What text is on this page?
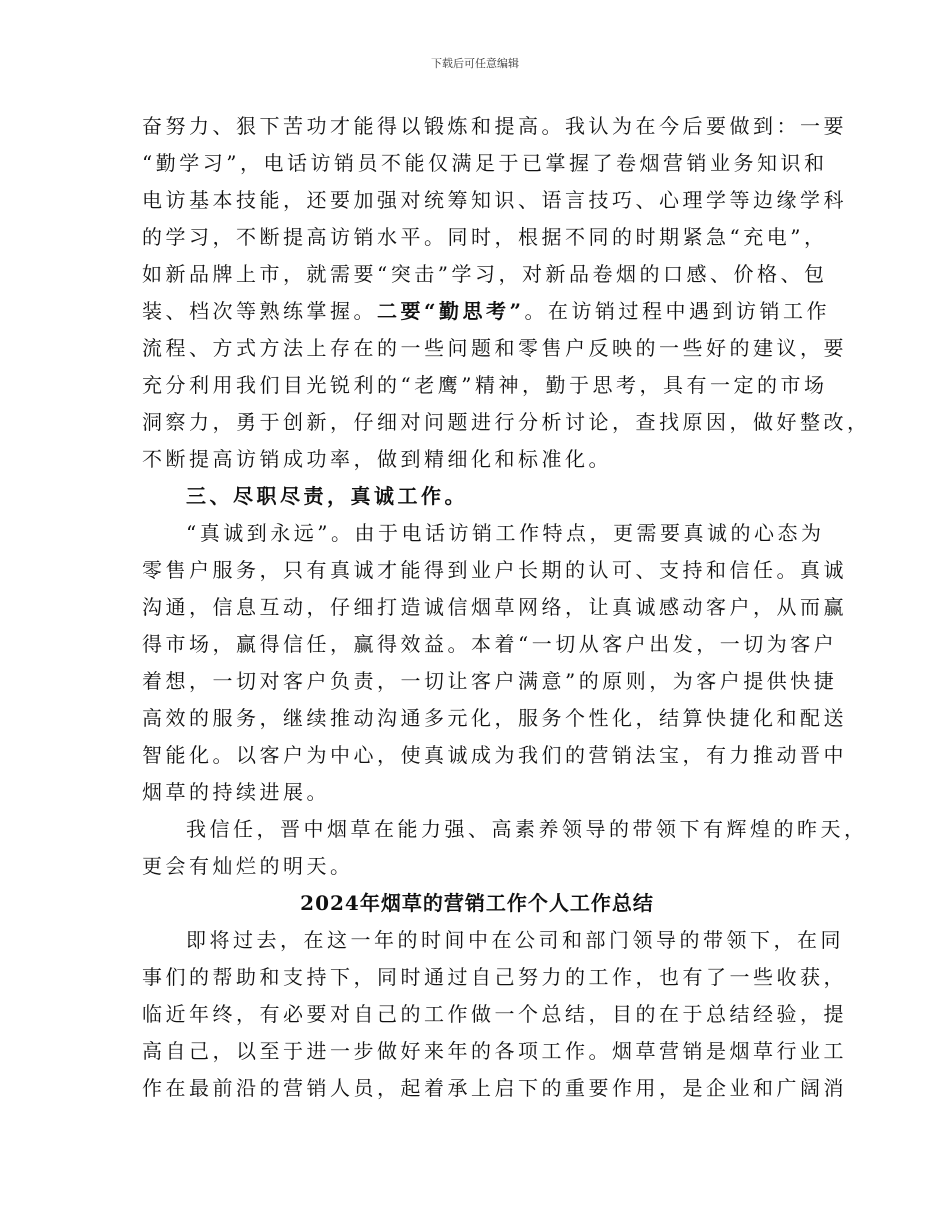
下载后可任意编辑
奋努力、狠下苦功才能得以锻炼和提高。我认为在今后要做到：一要
“勤学习”，电话访销员不能仅满足于已掌握了卷烟营销业务知识和
电访基本技能，还要加强对统筹知识、语言技巧、心理学等边缘学科
的学习，不断提高访销水平。同时，根据不同的时期紧急“充电”，
如新品牌上市，就需要“突击”学习，对新品卷烟的口感、价格、包
装、档次等熟练掌握。二要“勤思考”。在访销过程中遇到访销工作
流程、方式方法上存在的一些问题和零售户反映的一些好的建议，要
充分利用我们目光锐利的“老鹰”精神，勤于思考，具有一定的市场
洞察力，勇于创新，仔细对问题进行分析讨论，查找原因，做好整改，
不断提高访销成功率，做到精细化和标准化。
三、尽职尽责，真诚工作。
“真诚到永远”。由于电话访销工作特点，更需要真诚的心态为
零售户服务，只有真诚才能得到业户长期的认可、支持和信任。真诚
沟通，信息互动，仔细打造诚信烟草网络，让真诚感动客户，从而赢
得市场，赢得信任，赢得效益。本着“一切从客户出发，一切为客户
着想，一切对客户负责，一切让客户满意”的原则，为客户提供快捷
高效的服务，继续推动沟通多元化，服务个性化，结算快捷化和配送
智能化。以客户为中心，使真诚成为我们的营销法宝，有力推动晋中
烟草的持续进展。
我信任，晋中烟草在能力强、高素养领导的带领下有辉煌的昨天，
更会有灿烂的明天。
2024年烟草的营销工作个人工作总结
即将过去，在这一年的时间中在公司和部门领导的带领下，在同
事们的帮助和支持下，同时通过自己努力的工作，也有了一些收获，
临近年终，有必要对自己的工作做一个总结，目的在于总结经验，提
高自己，以至于进一步做好来年的各项工作。烟草营销是烟草行业工
作在最前沿的营销人员，起着承上启下的重要作用，是企业和广阔消
